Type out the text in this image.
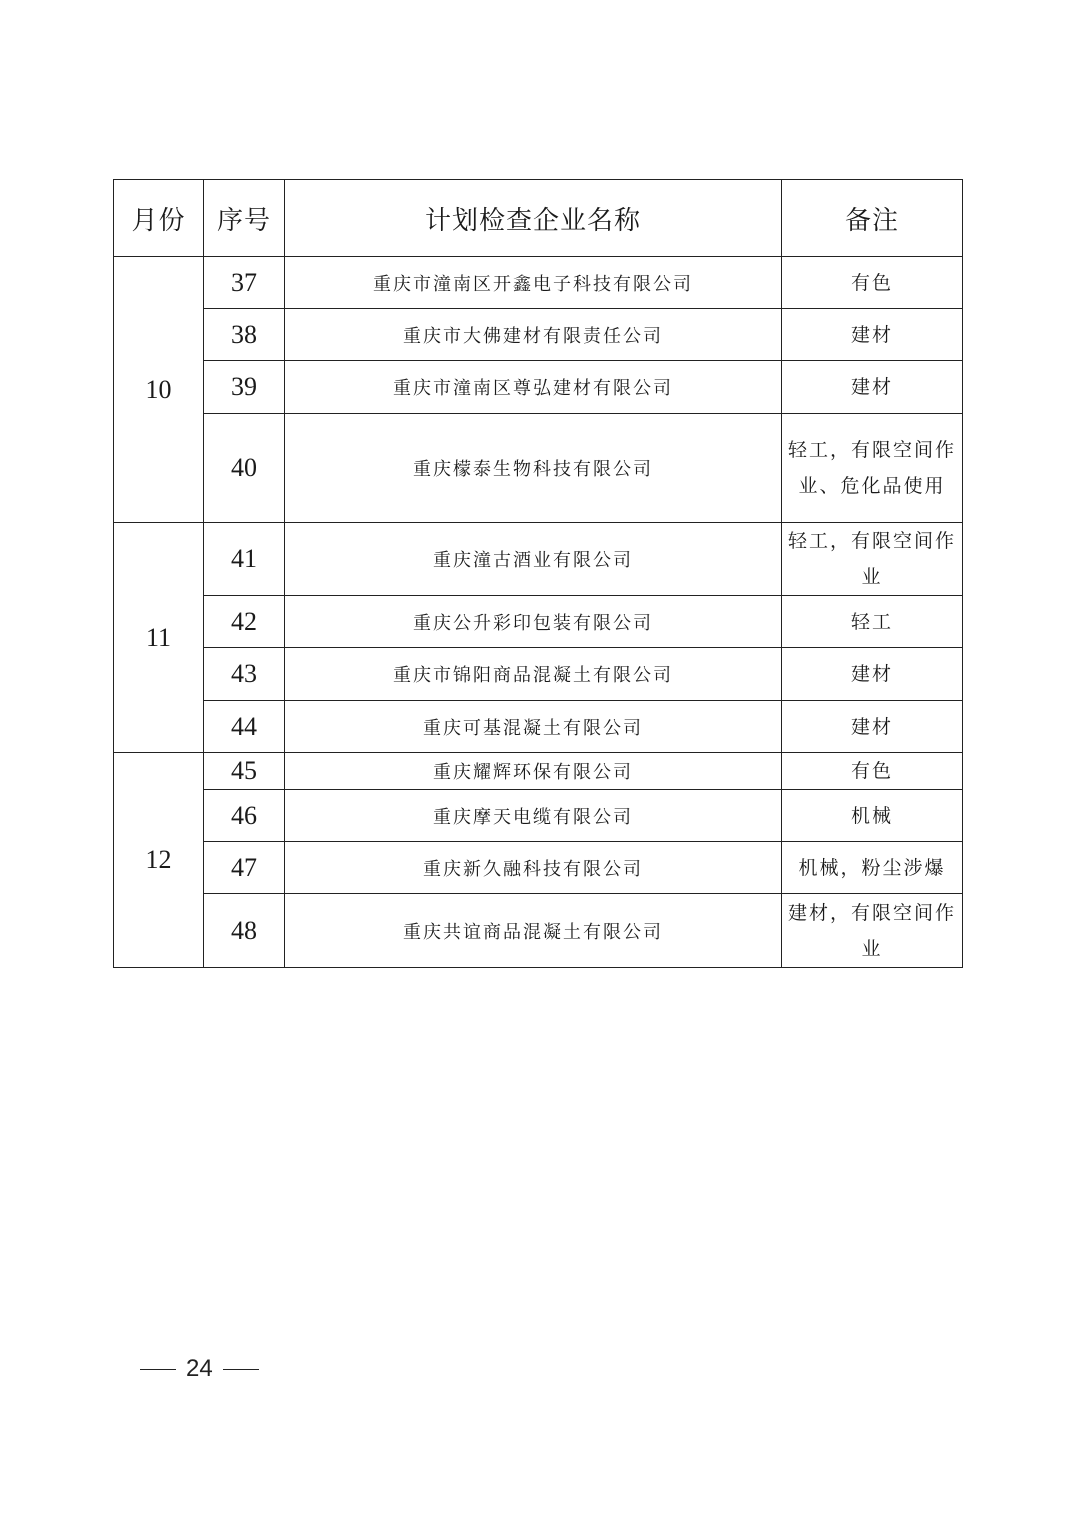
月份	序号	计划检查企业名称	备注
10	37	重庆市潼南区开鑫电子科技有限公司	有色
	38	重庆市大佛建材有限责任公司	建材
	39	重庆市潼南区尊弘建材有限公司	建材
	40	重庆檬泰生物科技有限公司	轻工，有限空间作业、危化品使用
11	41	重庆潼古酒业有限公司	轻工，有限空间作业
	42	重庆公升彩印包装有限公司	轻工
	43	重庆市锦阳商品混凝土有限公司	建材
	44	重庆可基混凝土有限公司	建材
12	45	重庆耀辉环保有限公司	有色
	46	重庆摩天电缆有限公司	机械
	47	重庆新久融科技有限公司	机械，粉尘涉爆
	48	重庆共谊商品混凝土有限公司	建材，有限空间作业
24
